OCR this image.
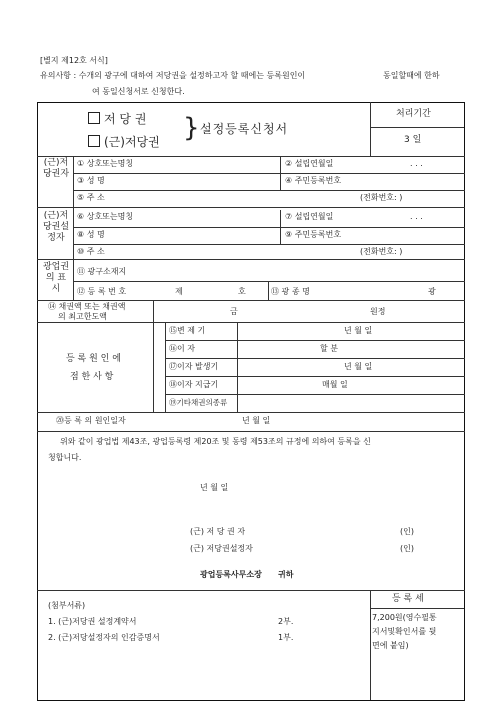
[별지 제12호 서식]
유의사항 : 수개의 광구에 대하여 저당권을 설정하고자 할 때에는 등록원인이	동일할때에 한하
여 동일신청서로 신청한다.
저 당 권
(근)저당권 } 설정등록신청서
처리기간
3 일
(근)저당권자
① 상호또는명칭	② 설립연월일	. . .
③ 성 명	④ 주민등록번호
⑤ 주 소	(전화번호: )
(근)저당권설정자
⑥ 상호또는명칭	⑦ 설립연월일	. . .
⑧ 성 명	⑨ 주민등록번호
⑩ 주 소	(전화번호: )
광업권의 표시
⑪ 광구소재지
⑫ 등 록 번 호	제	호	⑬ 광 종 명	광
⑭ 채권액 또는 채권액
의 최고한도액
금	원정
등 록 원 인 에
점 한 사 항
⑮변 제 기	년 월 일
⑯이 자	할 분
⑰이자 발생기	년 월 일
⑱이자 지급기	매월 일
⑲기타채권의종류
⑳등 록 의 원인일자	년 월 일
위와 같이 광업법 제43조, 광업등록령 제20조 및 동령 제53조의 규정에 의하여 등록을 신
청합니다.
년 월 일
(근) 저 당 권 자	(인)
(근) 저당권설정자	(인)
광업등록사무소장 귀하
(첨부서류)
1. (근)저당권 설정계약서	2부.
2. (근)저당설정자의 인감증명서	1부.
등 록 세
7,200원(영수필통
지서및확인서를 뒷
면에 붙임)
